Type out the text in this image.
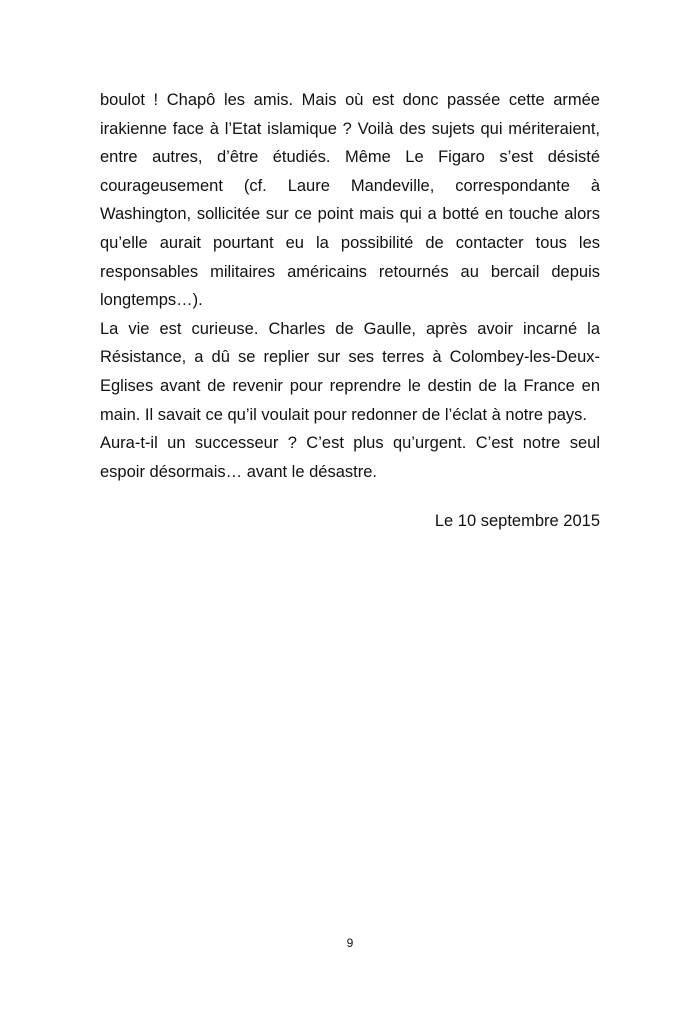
boulot ! Chapô les amis. Mais où est donc passée cette armée
irakienne face à l’Etat islamique ? Voilà des sujets qui mériteraient,
entre autres, d’être étudiés. Même Le Figaro s’est désisté
courageusement (cf. Laure Mandeville, correspondante à
Washington, sollicitée sur ce point mais qui a botté en touche alors
qu’elle aurait pourtant eu la possibilité de contacter tous les
responsables militaires américains retournés au bercail depuis
longtemps…).
La vie est curieuse. Charles de Gaulle, après avoir incarné la
Résistance, a dû se replier sur ses terres à Colombey-les-Deux-
Eglises avant de revenir pour reprendre le destin de la France en
main. Il savait ce qu’il voulait pour redonner de l’éclat à notre pays.
Aura-t-il un successeur ? C’est plus qu’urgent. C’est notre seul
espoir désormais… avant le désastre.
Le 10 septembre 2015
9
